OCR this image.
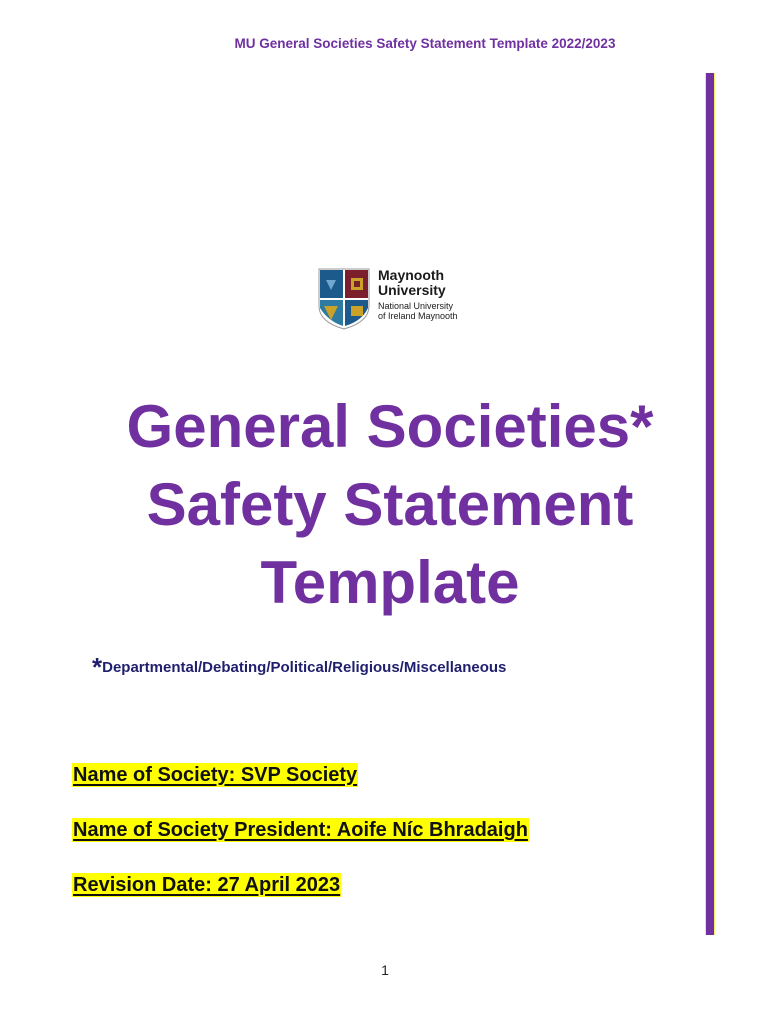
MU General Societies Safety Statement Template 2022/2023
Maynooth
University
National University
of Ireland Maynooth
General Societies*
Safety Statement
Template
*Departmental/Debating/Political/Religious/Miscellaneous
Name of Society: SVP Society
Name of Society President: Aoife Níc Bhradaigh
Revision Date: 27 April 2023
1
